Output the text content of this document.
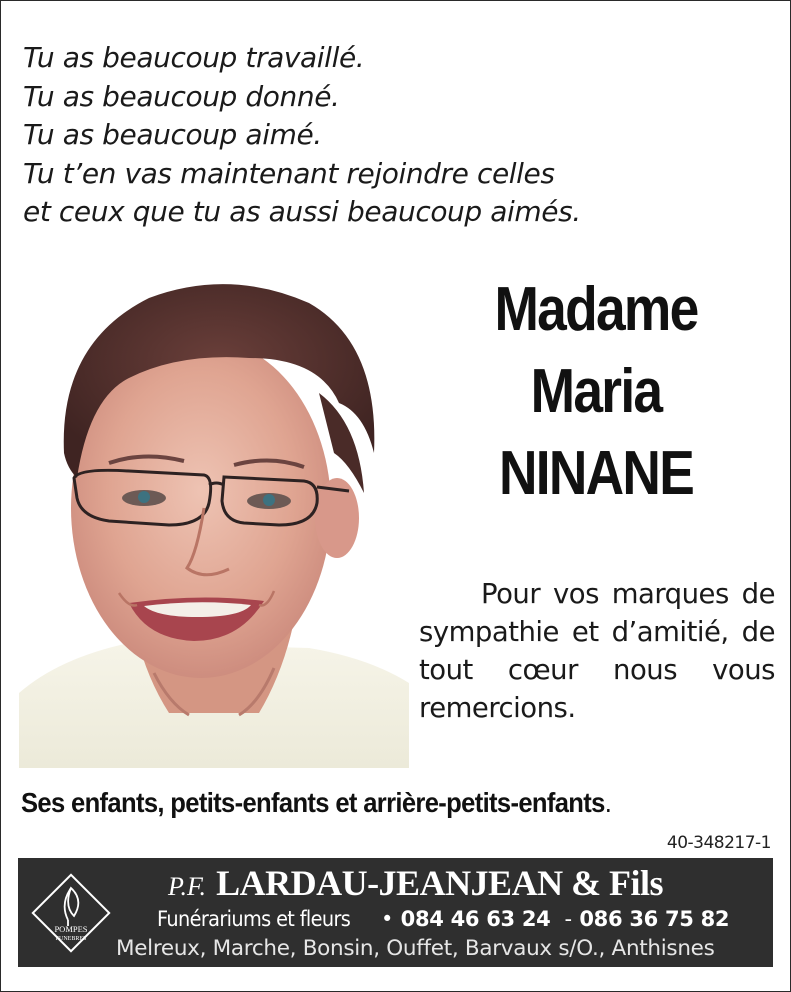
Tu as beaucoup travaillé.
Tu as beaucoup donné.
Tu as beaucoup aimé.
Tu t’en vas maintenant rejoindre celles
et ceux que tu as aussi beaucoup aimés.
Madame
Maria
NINANE
Pour vos marques de sympathie et d’amitié, de tout cœur nous vous remercions.
Ses enfants, petits-enfants et arrière-petits-enfants.
40-348217-1
POMPES
FUNEBRES
P.F. LARDAU-JEANJEAN & Fils
Funérariums et fleurs • 084 46 63 24 - 086 36 75 82
Melreux, Marche, Bonsin, Ouffet, Barvaux s/O., Anthisnes
